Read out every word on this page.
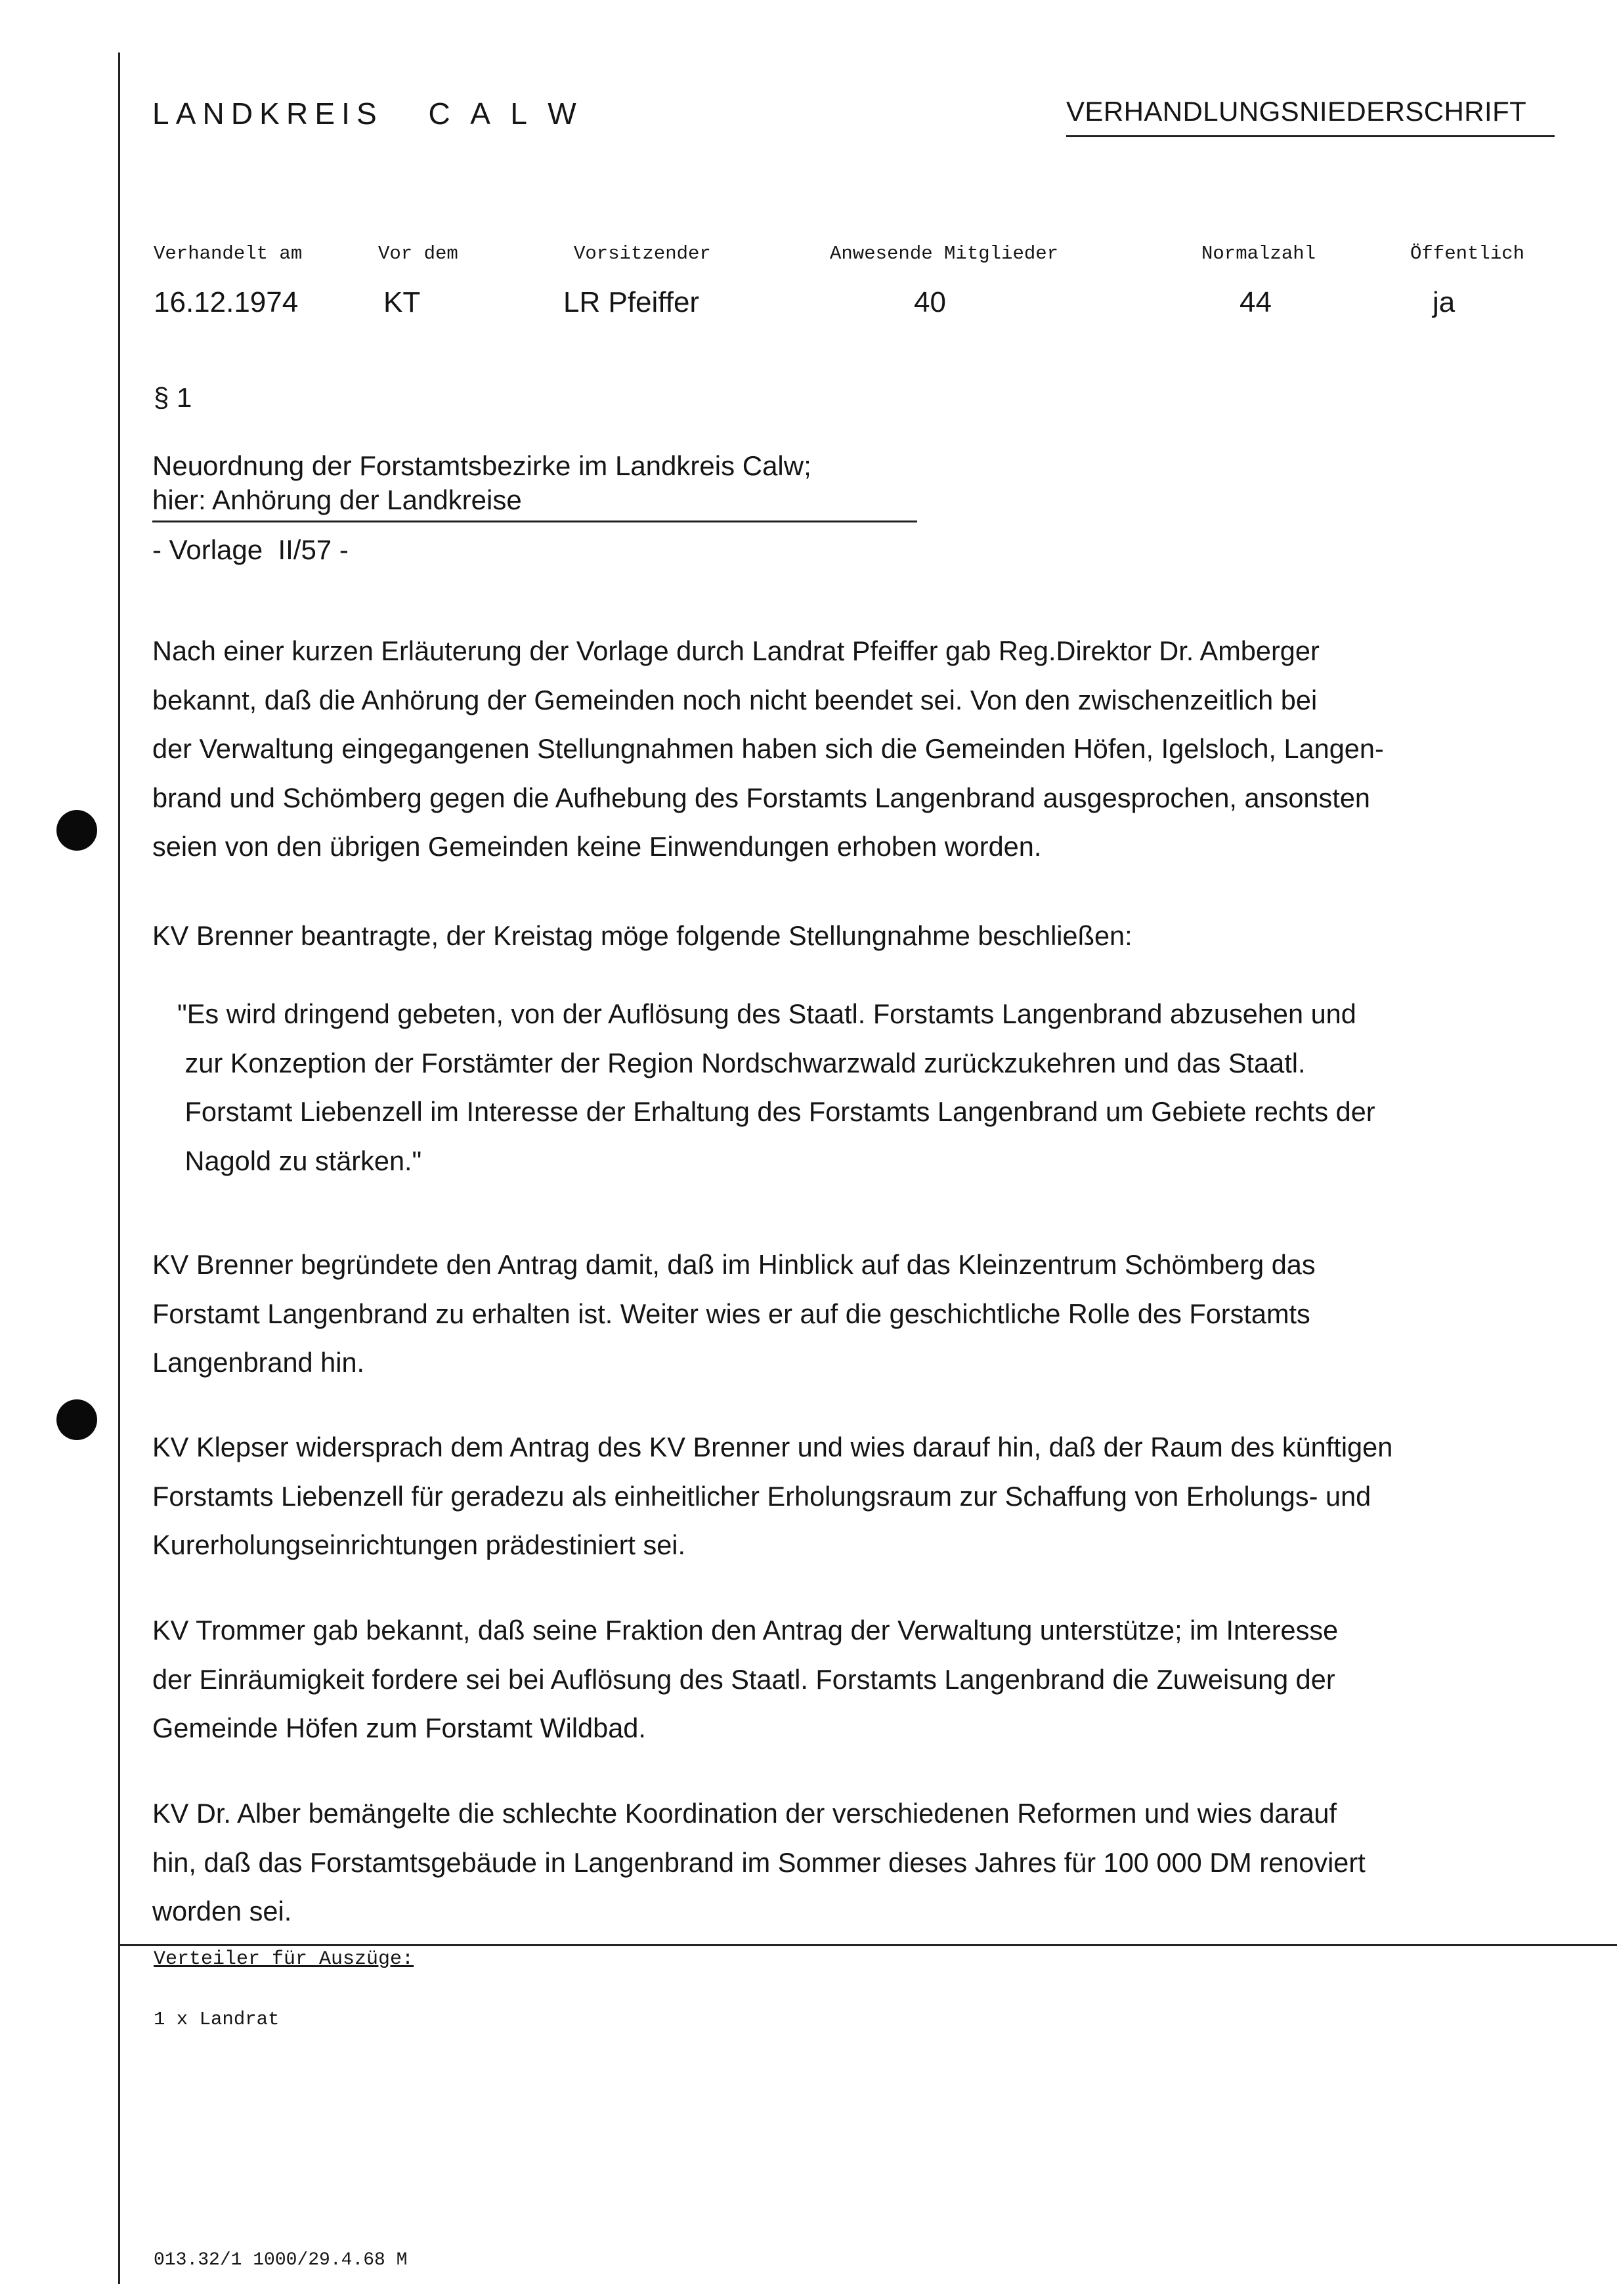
LANDKREIS   C A L W	VERHANDLUNGSNIEDERSCHRIFT
Verhandelt am	Vor dem	Vorsitzender	Anwesende Mitglieder	Normalzahl	Öffentlich
16.12.1974	KT	LR Pfeiffer	40	44	ja
§ 1
Neuordnung der Forstamtsbezirke im Landkreis Calw;
hier: Anhörung der Landkreise
- Vorlage  II/57 -

Nach einer kurzen Erläuterung der Vorlage durch Landrat Pfeiffer gab Reg.Direktor Dr. Amberger
bekannt, daß die Anhörung der Gemeinden noch nicht beendet sei. Von den zwischenzeitlich bei
der Verwaltung eingegangenen Stellungnahmen haben sich die Gemeinden Höfen, Igelsloch, Langen-
brand und Schömberg gegen die Aufhebung des Forstamts Langenbrand ausgesprochen, ansonsten
seien von den übrigen Gemeinden keine Einwendungen erhoben worden.

KV Brenner beantragte, der Kreistag möge folgende Stellungnahme beschließen:

"Es wird dringend gebeten, von der Auflösung des Staatl. Forstamts Langenbrand abzusehen und
zur Konzeption der Forstämter der Region Nordschwarzwald zurückzukehren und das Staatl.
Forstamt Liebenzell im Interesse der Erhaltung des Forstamts Langenbrand um Gebiete rechts der
Nagold zu stärken."

KV Brenner begründete den Antrag damit, daß im Hinblick auf das Kleinzentrum Schömberg das
Forstamt Langenbrand zu erhalten ist. Weiter wies er auf die geschichtliche Rolle des Forstamts
Langenbrand hin.

KV Klepser widersprach dem Antrag des KV Brenner und wies darauf hin, daß der Raum des künftigen
Forstamts Liebenzell für geradezu als einheitlicher Erholungsraum zur Schaffung von Erholungs- und
Kurerholungseinrichtungen prädestiniert sei.

KV Trommer gab bekannt, daß seine Fraktion den Antrag der Verwaltung unterstütze; im Interesse
der Einräumigkeit fordere sei bei Auflösung des Staatl. Forstamts Langenbrand die Zuweisung der
Gemeinde Höfen zum Forstamt Wildbad.

KV Dr. Alber bemängelte die schlechte Koordination der verschiedenen Reformen und wies darauf
hin, daß das Forstamtsgebäude in Langenbrand im Sommer dieses Jahres für 100 000 DM renoviert
worden sei.

Verteiler für Auszüge:
1 x Landrat
013.32/1 1000/29.4.68 M
